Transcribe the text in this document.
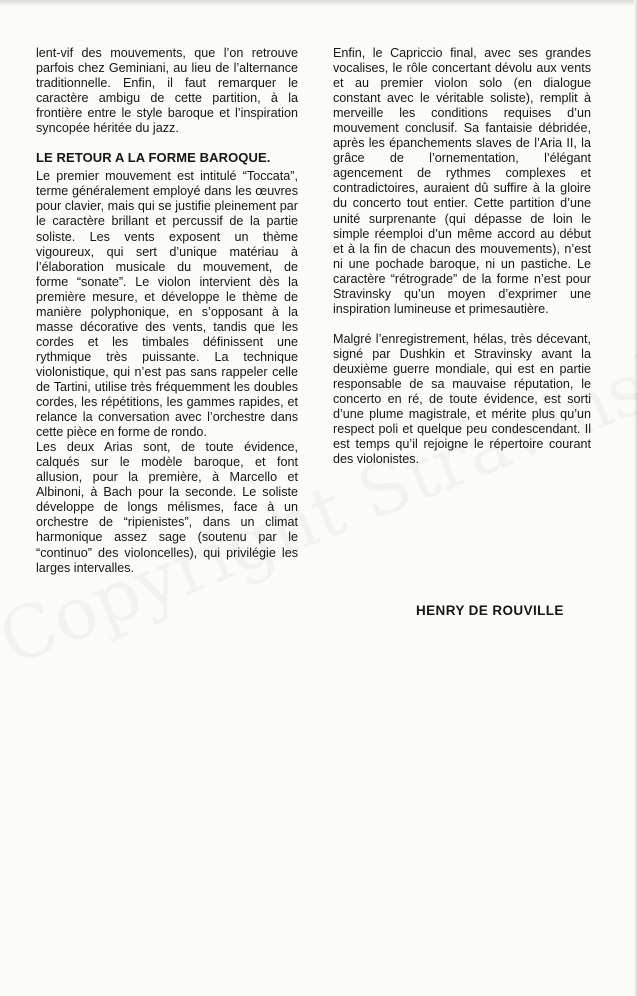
lent-vif des mouvements, que l’on retrouve parfois chez Geminiani, au lieu de l’alternance traditionnelle. Enfin, il faut remarquer le caractère ambigu de cette partition, à la frontière entre le style baroque et l’inspiration syncopée héritée du jazz.

LE RETOUR A LA FORME BAROQUE.

Le premier mouvement est intitulé “Toccata”, terme généralement employé dans les œuvres pour clavier, mais qui se justifie pleinement par le caractère brillant et percussif de la partie soliste. Les vents exposent un thème vigoureux, qui sert d’unique matériau à l’élaboration musicale du mouvement, de forme “sonate”. Le violon intervient dès la première mesure, et développe le thème de manière polyphonique, en s’opposant à la masse décorative des vents, tandis que les cordes et les timbales définissent une rythmique très puissante. La technique violonistique, qui n’est pas sans rappeler celle de Tartini, utilise très fréquemment les doubles cordes, les répétitions, les gammes rapides, et relance la conversation avec l’orchestre dans cette pièce en forme de rondo.

Les deux Arias sont, de toute évidence, calqués sur le modèle baroque, et font allusion, pour la première, à Marcello et Albinoni, à Bach pour la seconde. Le soliste développe de longs mélismes, face à un orchestre de “ripienistes”, dans un climat harmonique assez sage (soutenu par le “continuo” des violoncelles), qui privilégie les larges intervalles.

Enfin, le Capriccio final, avec ses grandes vocalises, le rôle concertant dévolu aux vents et au premier violon solo (en dialogue constant avec le véritable soliste), remplit à merveille les conditions requises d’un mouvement conclusif. Sa fantaisie débridée, après les épanchements slaves de l’Aria II, la grâce de l’ornementation, l’élégant agencement de rythmes complexes et contradictoires, auraient dû suffire à la gloire du concerto tout entier. Cette partition d’une unité surprenante (qui dépasse de loin le simple réemploi d’un même accord au début et à la fin de chacun des mouvements), n’est ni une pochade baroque, ni un pastiche. Le caractère “rétrograde” de la forme n’est pour Stravinsky qu’un moyen d’exprimer une inspiration lumineuse et primesautière.

Malgré l’enregistrement, hélas, très décevant, signé par Dushkin et Stravinsky avant la deuxième guerre mondiale, qui est en partie responsable de sa mauvaise réputation, le concerto en ré, de toute évidence, est sorti d’une plume magistrale, et mérite plus qu’un respect poli et quelque peu condescendant. Il est temps qu’il rejoigne le répertoire courant des violonistes.

HENRY DE ROUVILLE
